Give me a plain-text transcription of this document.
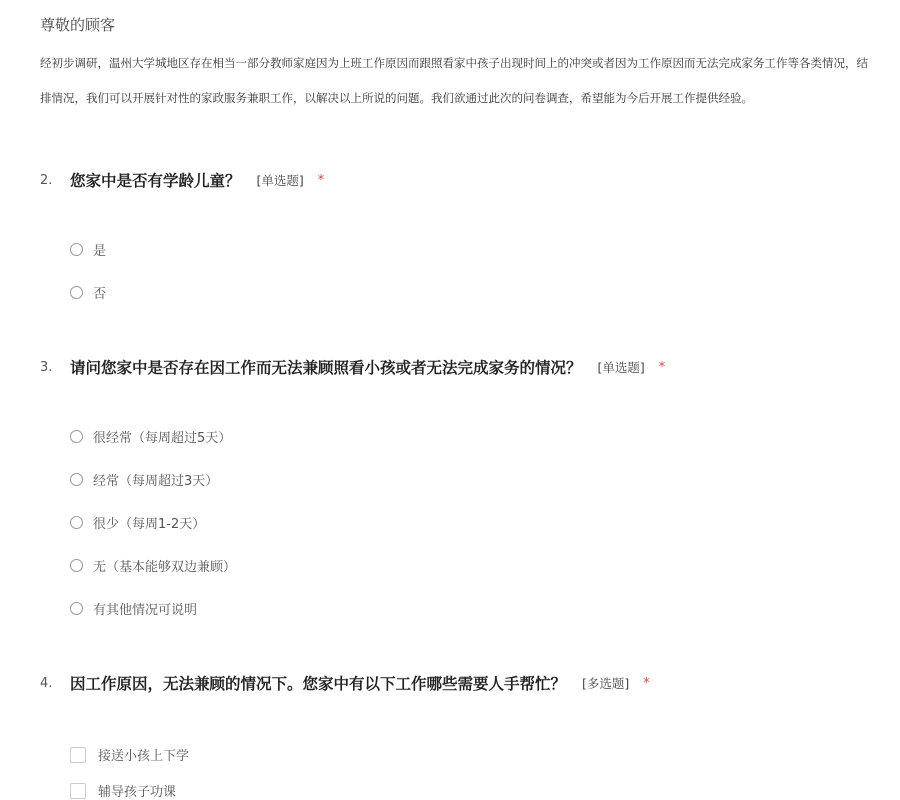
尊敬的顾客
经初步调研，温州大学城地区存在相当一部分教师家庭因为上班工作原因而跟照看家中孩子出现时间上的冲突或者因为工作原因而无法完成家务工作等各类情况，结
排情况，我们可以开展针对性的家政服务兼职工作，以解决以上所说的问题。我们欲通过此次的问卷调查，希望能为今后开展工作提供经验。
2.	您家中是否有学龄儿童？ [单选题] *
是
否
3.	请问您家中是否存在因工作而无法兼顾照看小孩或者无法完成家务的情况？ [单选题] *
很经常（每周超过5天）
经常（每周超过3天）
很少（每周1-2天）
无（基本能够双边兼顾）
有其他情况可说明
4.	因工作原因，无法兼顾的情况下。您家中有以下工作哪些需要人手帮忙？ [多选题] *
接送小孩上下学
辅导孩子功课
